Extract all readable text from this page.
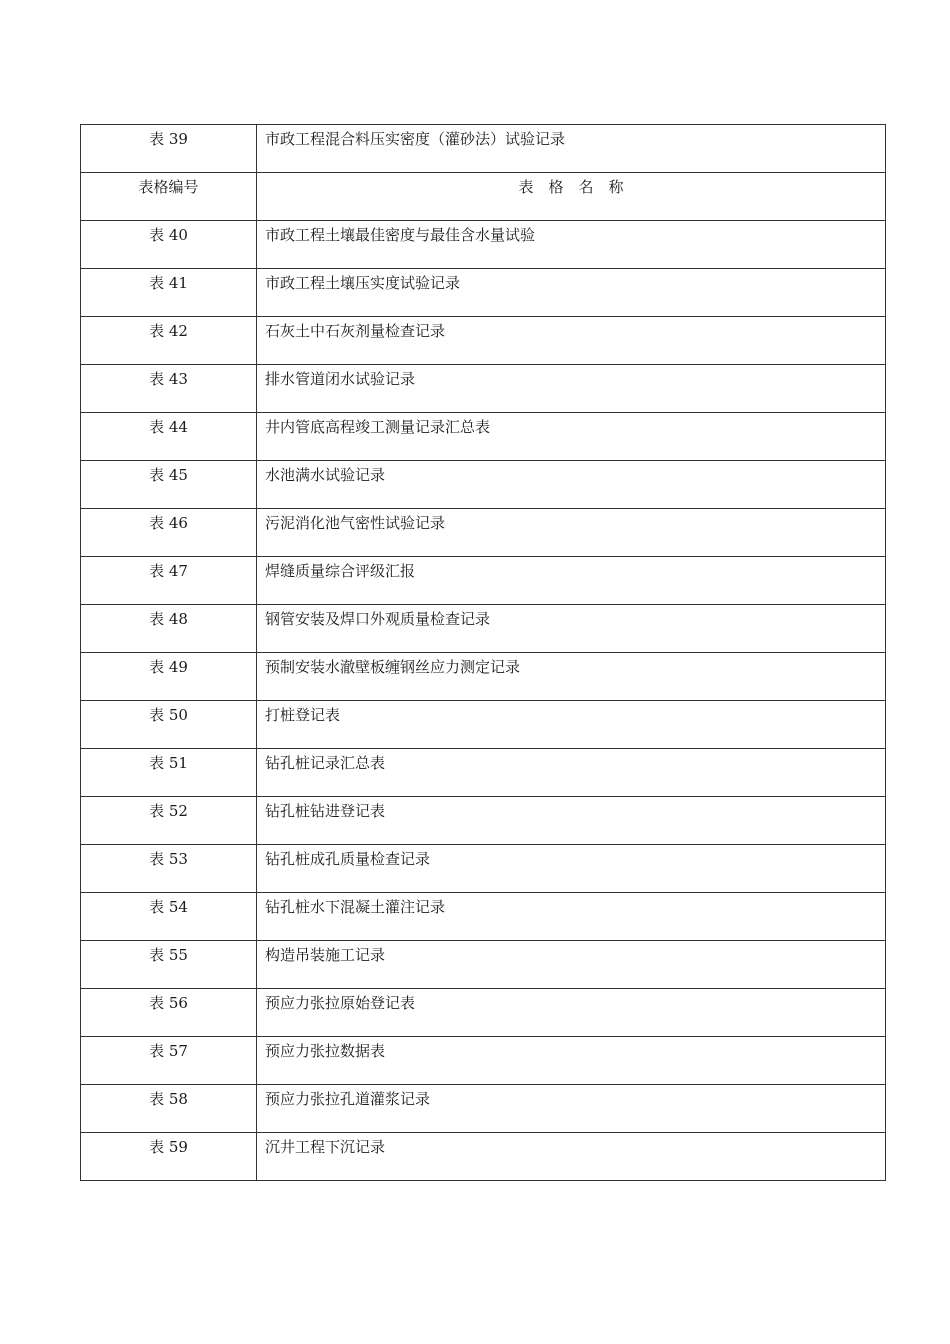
表 39	市政工程混合料压实密度（灌砂法）试验记录
表格编号	表　格　名　称
表 40	市政工程土壤最佳密度与最佳含水量试验
表 41	市政工程土壤压实度试验记录
表 42	石灰土中石灰剂量检查记录
表 43	排水管道闭水试验记录
表 44	井内管底高程竣工测量记录汇总表
表 45	水池满水试验记录
表 46	污泥消化池气密性试验记录
表 47	焊缝质量综合评级汇报
表 48	钢管安装及焊口外观质量检查记录
表 49	预制安装水澈壁板缠钢丝应力测定记录
表 50	打桩登记表
表 51	钻孔桩记录汇总表
表 52	钻孔桩钻进登记表
表 53	钻孔桩成孔质量检查记录
表 54	钻孔桩水下混凝土灌注记录
表 55	构造吊装施工记录
表 56	预应力张拉原始登记表
表 57	预应力张拉数据表
表 58	预应力张拉孔道灌浆记录
表 59	沉井工程下沉记录
